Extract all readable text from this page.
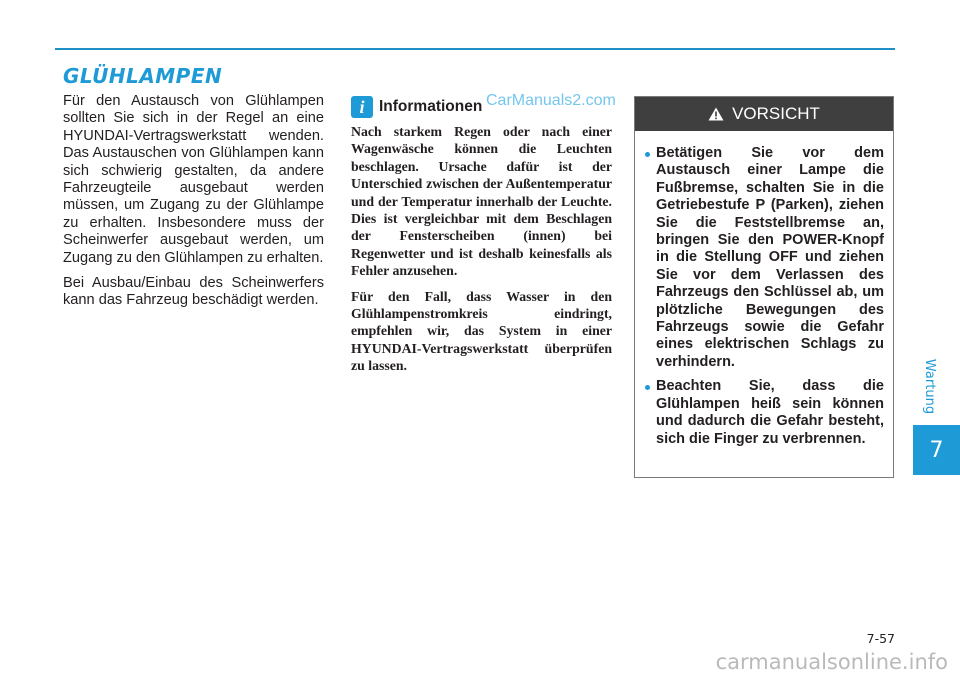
GLÜHLAMPEN

Für den Austausch von Glühlampen sollten Sie sich in der Regel an eine HYUNDAI-Vertragswerkstatt wenden. Das Austauschen von Glühlampen kann sich schwierig gestalten, da andere Fahrzeugteile ausgebaut werden müssen, um Zugang zu der Glühlampe zu erhalten. Insbesondere muss der Scheinwerfer ausgebaut werden, um Zugang zu den Glühlampen zu erhalten.

Bei Ausbau/Einbau des Scheinwerfers kann das Fahrzeug beschädigt werden.

i Informationen CarManuals2.com

Nach starkem Regen oder nach einer Wagenwäsche können die Leuchten beschlagen. Ursache dafür ist der Unterschied zwischen der Außentemperatur und der Temperatur innerhalb der Leuchte. Dies ist vergleichbar mit dem Beschlagen der Fensterscheiben (innen) bei Regenwetter und ist deshalb keinesfalls als Fehler anzusehen.

Für den Fall, dass Wasser in den Glühlampenstromkreis eindringt, empfehlen wir, das System in einer HYUNDAI-Vertragswerkstatt überprüfen zu lassen.

VORSICHT
Betätigen Sie vor dem Austausch einer Lampe die Fußbremse, schalten Sie in die Getriebestufe P (Parken), ziehen Sie die Feststellbremse an, bringen Sie den POWER-Knopf in die Stellung OFF und ziehen Sie vor dem Verlassen des Fahrzeugs den Schlüssel ab, um plötzliche Bewegungen des Fahrzeugs sowie die Gefahr eines elektrischen Schlags zu verhindern.
Beachten Sie, dass die Glühlampen heiß sein können und dadurch die Gefahr besteht, sich die Finger zu verbrennen.
Wartung
7
7-57
carmanualsonline.info
